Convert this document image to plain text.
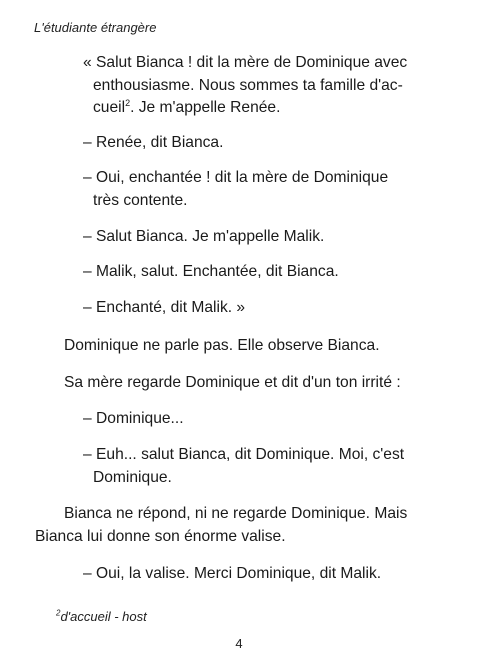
L'étudiante étrangère
« Salut Bianca ! dit la mère de Dominique avec
enthousiasme. Nous sommes ta famille d'ac-
cueil$^2$. Je m'appelle Renée.
– Renée, dit Bianca.
– Oui, enchantée ! dit la mère de Dominique
très contente.
– Salut Bianca. Je m'appelle Malik.
– Malik, salut. Enchantée, dit Bianca.
– Enchanté, dit Malik. »
Dominique ne parle pas. Elle observe Bianca.
Sa mère regarde Dominique et dit d'un ton irrité :
– Dominique...
– Euh... salut Bianca, dit Dominique. Moi, c'est
Dominique.
Bianca ne répond, ni ne regarde Dominique. Mais
Bianca lui donne son énorme valise.
– Oui, la valise. Merci Dominique, dit Malik.
$^2$d'accueil - host
4
